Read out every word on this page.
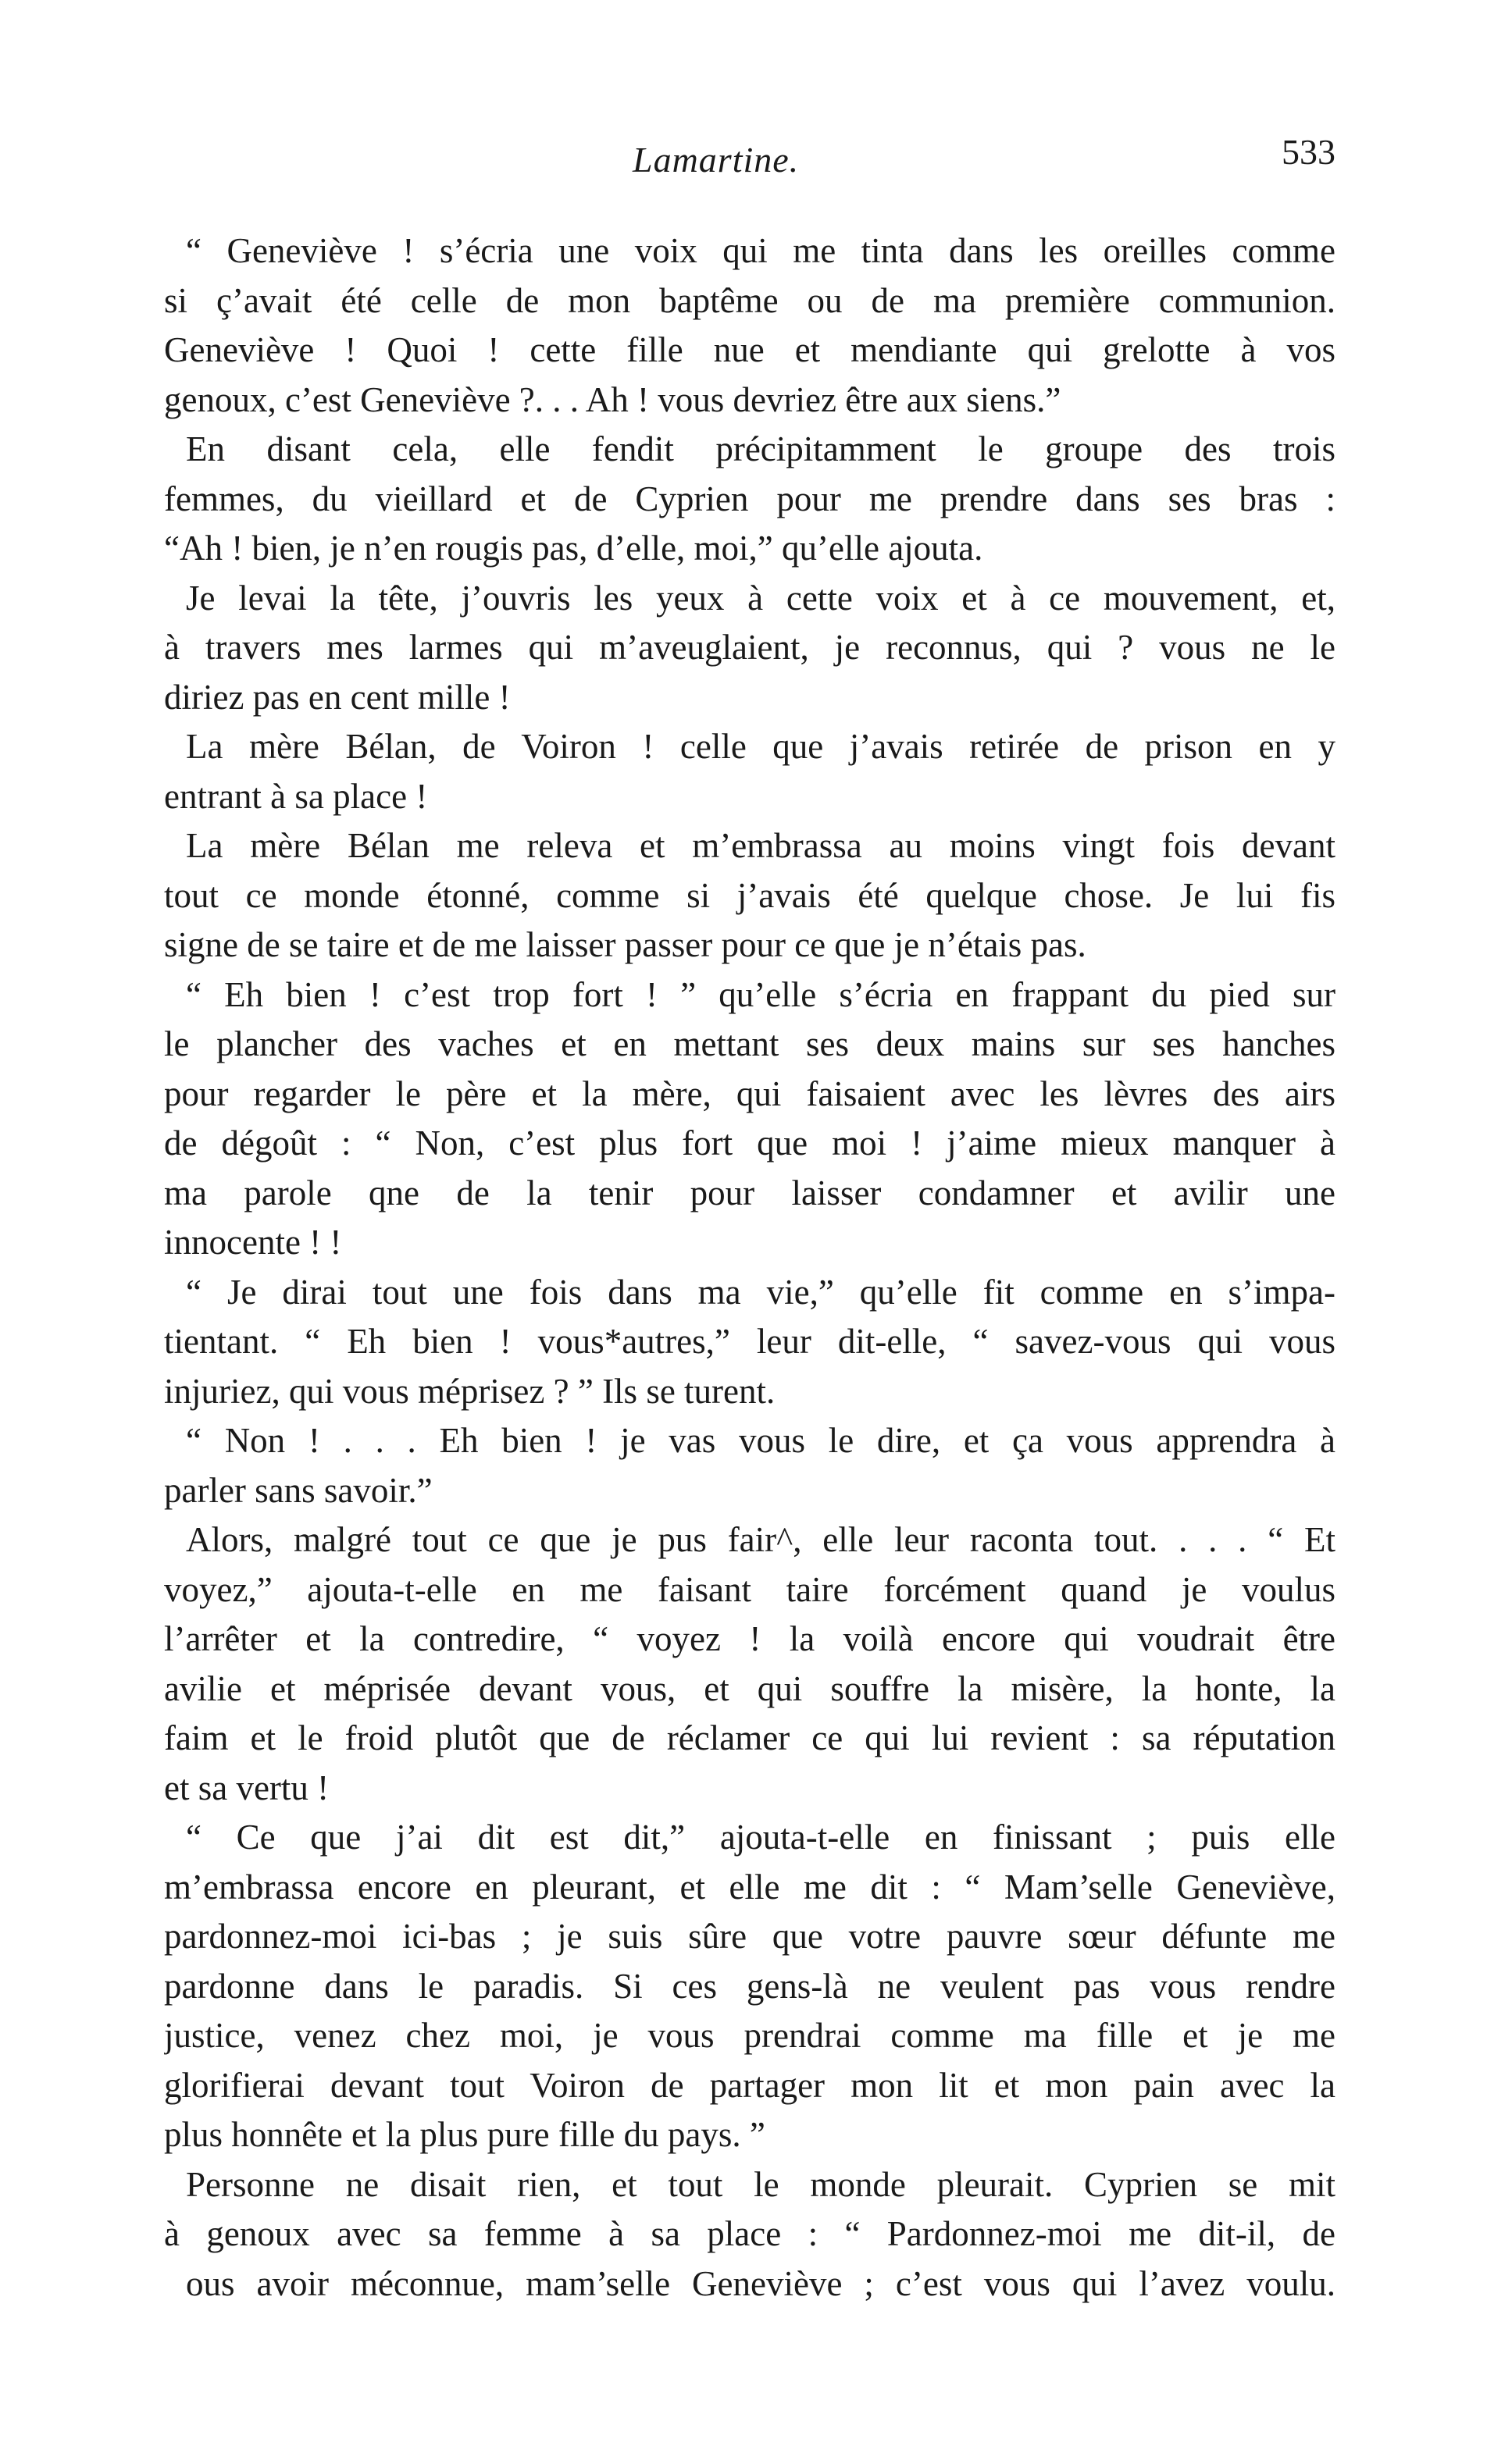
Lamartine.	533
“ Geneviève ! s’écria une voix qui me tinta dans les oreilles comme
si ç’avait été celle de mon baptême ou de ma première communion.
Geneviève ! Quoi ! cette fille nue et mendiante qui grelotte à vos
genoux, c’est Geneviève ?. . . Ah ! vous devriez être aux siens.”
En disant cela, elle fendit précipitamment le groupe des trois
femmes, du vieillard et de Cyprien pour me prendre dans ses bras :
“Ah ! bien, je n’en rougis pas, d’elle, moi,” qu’elle ajouta.
Je levai la tête, j’ouvris les yeux à cette voix et à ce mouvement, et,
à travers mes larmes qui m’aveuglaient, je reconnus, qui ? vous ne le
diriez pas en cent mille !
La mère Bélan, de Voiron ! celle que j’avais retirée de prison en y
entrant à sa place !
La mère Bélan me releva et m’embrassa au moins vingt fois devant
tout ce monde étonné, comme si j’avais été quelque chose. Je lui fis
signe de se taire et de me laisser passer pour ce que je n’étais pas.
“ Eh bien ! c’est trop fort ! ” qu’elle s’écria en frappant du pied sur
le plancher des vaches et en mettant ses deux mains sur ses hanches
pour regarder le père et la mère, qui faisaient avec les lèvres des airs
de dégoût : “ Non, c’est plus fort que moi ! j’aime mieux manquer à
ma parole qne de la tenir pour laisser condamner et avilir une
innocente ! !
“ Je dirai tout une fois dans ma vie,” qu’elle fit comme en s’impa-
tientant. “ Eh bien ! vous*autres,” leur dit-elle, “ savez-vous qui vous
injuriez, qui vous méprisez ? ” Ils se turent.
“ Non ! . . . Eh bien ! je vas vous le dire, et ça vous apprendra à
parler sans savoir.”
Alors, malgré tout ce que je pus fair^, elle leur raconta tout. . . . “ Et
voyez,” ajouta-t-elle en me faisant taire forcément quand je voulus
l’arrêter et la contredire, “ voyez ! la voilà encore qui voudrait être
avilie et méprisée devant vous, et qui souffre la misère, la honte, la
faim et le froid plutôt que de réclamer ce qui lui revient : sa réputation
et sa vertu !
“ Ce que j’ai dit est dit,” ajouta-t-elle en finissant ; puis elle
m’embrassa encore en pleurant, et elle me dit : “ Mam’selle Geneviève,
pardonnez-moi ici-bas ; je suis sûre que votre pauvre sœur défunte me
pardonne dans le paradis. Si ces gens-là ne veulent pas vous rendre
justice, venez chez moi, je vous prendrai comme ma fille et je me
glorifierai devant tout Voiron de partager mon lit et mon pain avec la
plus honnête et la plus pure fille du pays. ”
Personne ne disait rien, et tout le monde pleurait. Cyprien se mit
à genoux avec sa femme à sa place : “ Pardonnez-moi me dit-il, de
ous avoir méconnue, mam’selle Geneviève ; c’est vous qui l’avez voulu.
